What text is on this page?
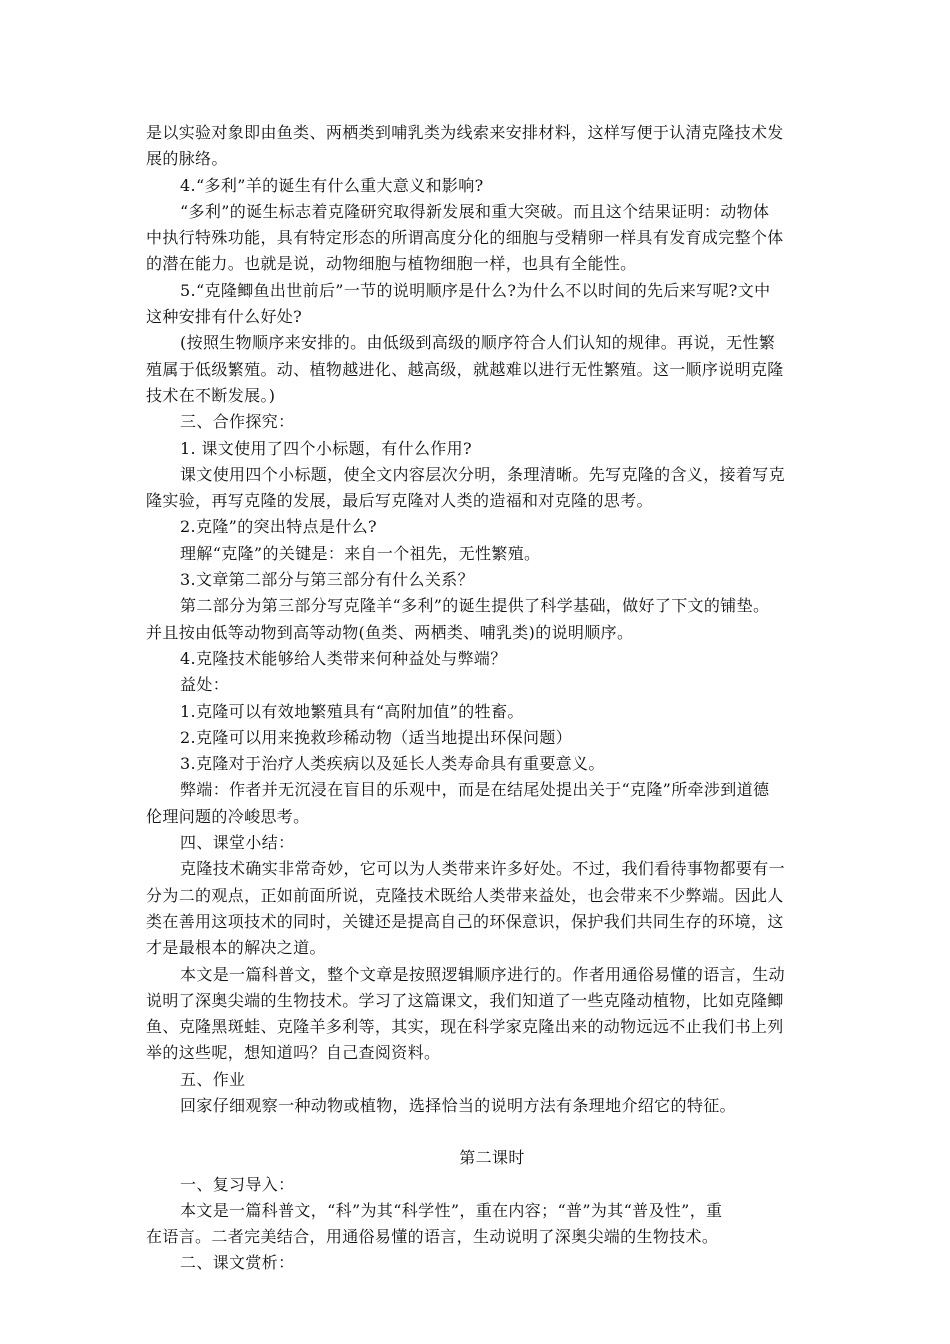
是以实验对象即由鱼类、两栖类到哺乳类为线索来安排材料，这样写便于认清克隆技术发
展的脉络。
4.“多利”羊的诞生有什么重大意义和影响?
“多利”的诞生标志着克隆研究取得新发展和重大突破。而且这个结果证明：动物体
中执行特殊功能，具有特定形态的所谓高度分化的细胞与受精卵一样具有发育成完整个体
的潜在能力。也就是说，动物细胞与植物细胞一样，也具有全能性。
5.“克隆鲫鱼出世前后”一节的说明顺序是什么?为什么不以时间的先后来写呢?文中
这种安排有什么好处?
(按照生物顺序来安排的。由低级到高级的顺序符合人们认知的规律。再说，无性繁
殖属于低级繁殖。动、植物越进化、越高级，就越难以进行无性繁殖。这一顺序说明克隆
技术在不断发展。)
三、合作探究：
1. 课文使用了四个小标题，有什么作用?
课文使用四个小标题，使全文内容层次分明，条理清晰。先写克隆的含义，接着写克
隆实验，再写克隆的发展，最后写克隆对人类的造福和对克隆的思考。
2.克隆”的突出特点是什么?
理解“克隆”的关键是：来自一个祖先，无性繁殖。
3.文章第二部分与第三部分有什么关系？
第二部分为第三部分写克隆羊“多利”的诞生提供了科学基础，做好了下文的铺垫。
并且按由低等动物到高等动物(鱼类、两栖类、哺乳类)的说明顺序。
4.克隆技术能够给人类带来何种益处与弊端？
益处：
1.克隆可以有效地繁殖具有“高附加值”的牲畜。
2.克隆可以用来挽救珍稀动物（适当地提出环保问题）
3.克隆对于治疗人类疾病以及延长人类寿命具有重要意义。
弊端：作者并无沉浸在盲目的乐观中，而是在结尾处提出关于“克隆”所牵涉到道德
伦理问题的冷峻思考。
四、课堂小结：
克隆技术确实非常奇妙，它可以为人类带来许多好处。不过，我们看待事物都要有一
分为二的观点，正如前面所说，克隆技术既给人类带来益处，也会带来不少弊端。因此人
类在善用这项技术的同时，关键还是提高自己的环保意识，保护我们共同生存的环境，这
才是最根本的解决之道。
本文是一篇科普文，整个文章是按照逻辑顺序进行的。作者用通俗易懂的语言，生动
说明了深奥尖端的生物技术。学习了这篇课文，我们知道了一些克隆动植物，比如克隆鲫
鱼、克隆黑斑蛙、克隆羊多利等，其实，现在科学家克隆出来的动物远远不止我们书上列
举的这些呢，想知道吗？自己查阅资料。
五、作业
回家仔细观察一种动物或植物，选择恰当的说明方法有条理地介绍它的特征。
第二课时
一、复习导入：
本文是一篇科普文，“科”为其“科学性”，重在内容；“普”为其“普及性”，重
在语言。二者完美结合，用通俗易懂的语言，生动说明了深奥尖端的生物技术。
二、课文赏析：
